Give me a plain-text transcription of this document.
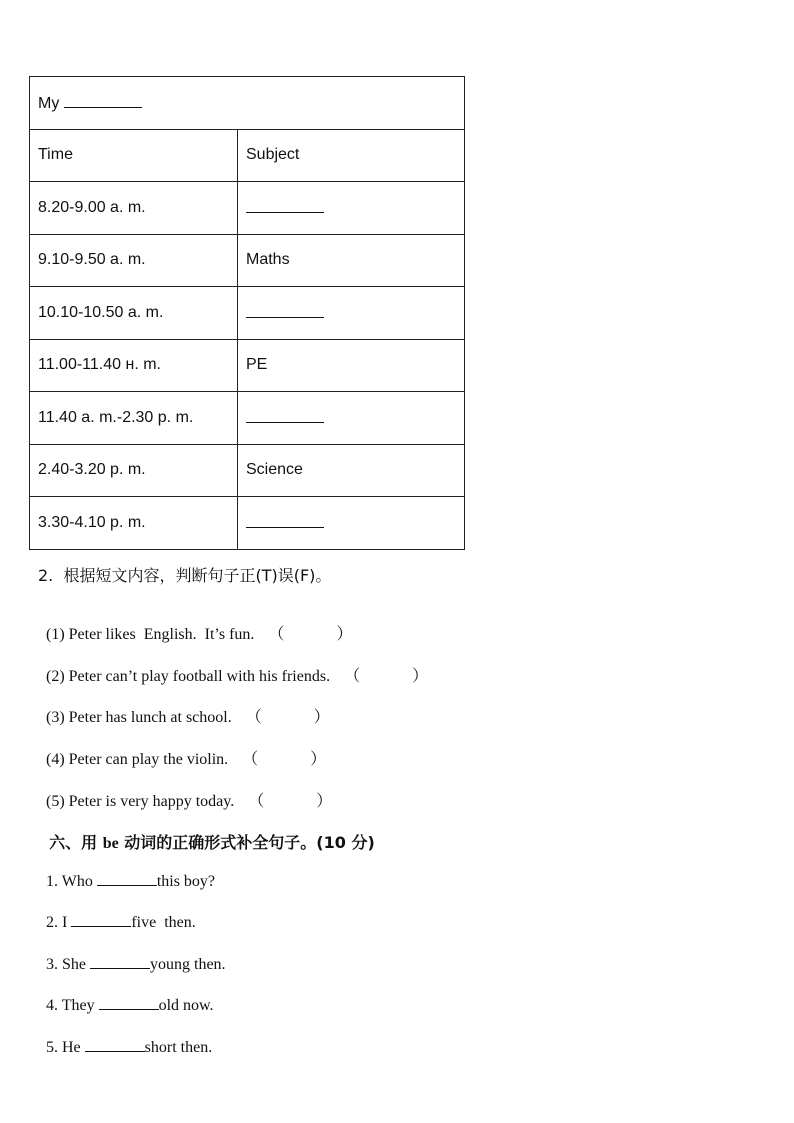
My	
Time	Subject
8.20-9.00 a. m.	
9.10-9.50 a. m.	Maths
10.10-10.50 a. m.	
11.00-11.40 н. m.	PE
11.40 a. m.-2.30 p. m.	
2.40-3.20 p. m.	Science
3.30-4.10 p. m.	
2.  根据短文内容，判断句子正(T)误(F)。

(1) Peter likes  English.  It’s fun. （	）

(2) Peter can’t play football with his friends. （	）

(3) Peter has lunch at school. （	）

(4) Peter can play the violin. （	）

(5) Peter is very happy today. （	）

六、用 be 动词的正确形式补全句子。(10 分)

1. Who	this boy?

2. I	five  then.

3. She	young then.

4. They	old now.

5. He	short then.
